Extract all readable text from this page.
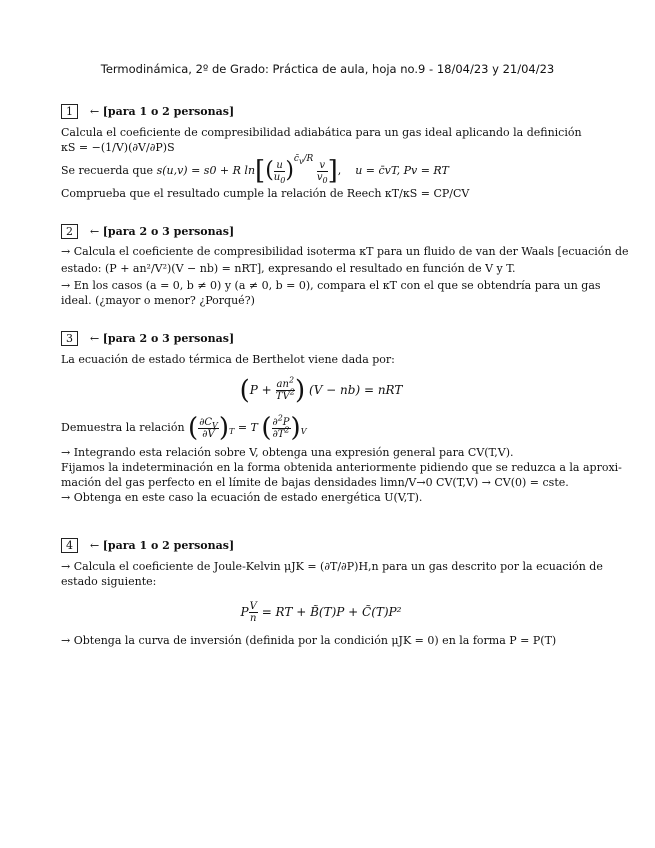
Termodinámica, 2º de Grado: Práctica de aula, hoja no.9 - 18/04/23 y 21/04/23
1 ← [para 1 o 2 personas]
Calcula el coeficiente de compresibilidad adiabática para un gas ideal aplicando la definición
κS = −(1/V)(∂V/∂P)S
Se recuerda que s(u,v) = s0 + R $\ln[( \frac{u}{u_0} )^{c̄_v/R}$
$\frac{v}{v_0}$ ],    u = c̄vT, Pv = RT
Comprueba que el resultado cumple la relación de Reech κT/κS = CP/CV
2 ← [para 2 o 3 personas]
→ Calcula el coeficiente de compresibilidad isoterma κT para un fluido de van der Waals [ecuación de
estado: (P + an²/V²)(V − nb) = nRT], expresando el resultado en función de V y T.
→ En los casos (a = 0, b ≠ 0) y (a ≠ 0, b = 0), compara el κT con el que se obtendría para un gas
ideal. (¿mayor o menor? ¿Porqué?)
3 ← [para 2 o 3 personas]
La ecuación de estado térmica de Berthelot viene dada por:
($P + \frac{an^2}{TV^2}$ ) (V − nb) = nRT
Demuestra la relación ( $\frac{\partial C_V}{\partial V} )_T = T$ ( $\frac{\partial^2P}{\partial T^2} )_V$
→ Integrando esta relación sobre V, obtenga una expresión general para CV(T,V).
Fijamos la indeterminación en la forma obtenida anteriormente pidiendo que se reduzca a la aproxi-
mación del gas perfecto en el límite de bajas densidades limn/V→0 CV(T,V) → CV(0) = cste.
→ Obtenga en este caso la ecuación de estado energética U(V,T).
4 ← [para 1 o 2 personas]
→ Calcula el coeficiente de Joule-Kelvin μJK = (∂T/∂P)H,n para un gas descrito por la ecuación de
estado siguiente:
P $\frac{V}{n}$ = RT + B̃(T)P + C̃(T)P²
→ Obtenga la curva de inversión (definida por la condición μJK = 0) en la forma P = P(T)
